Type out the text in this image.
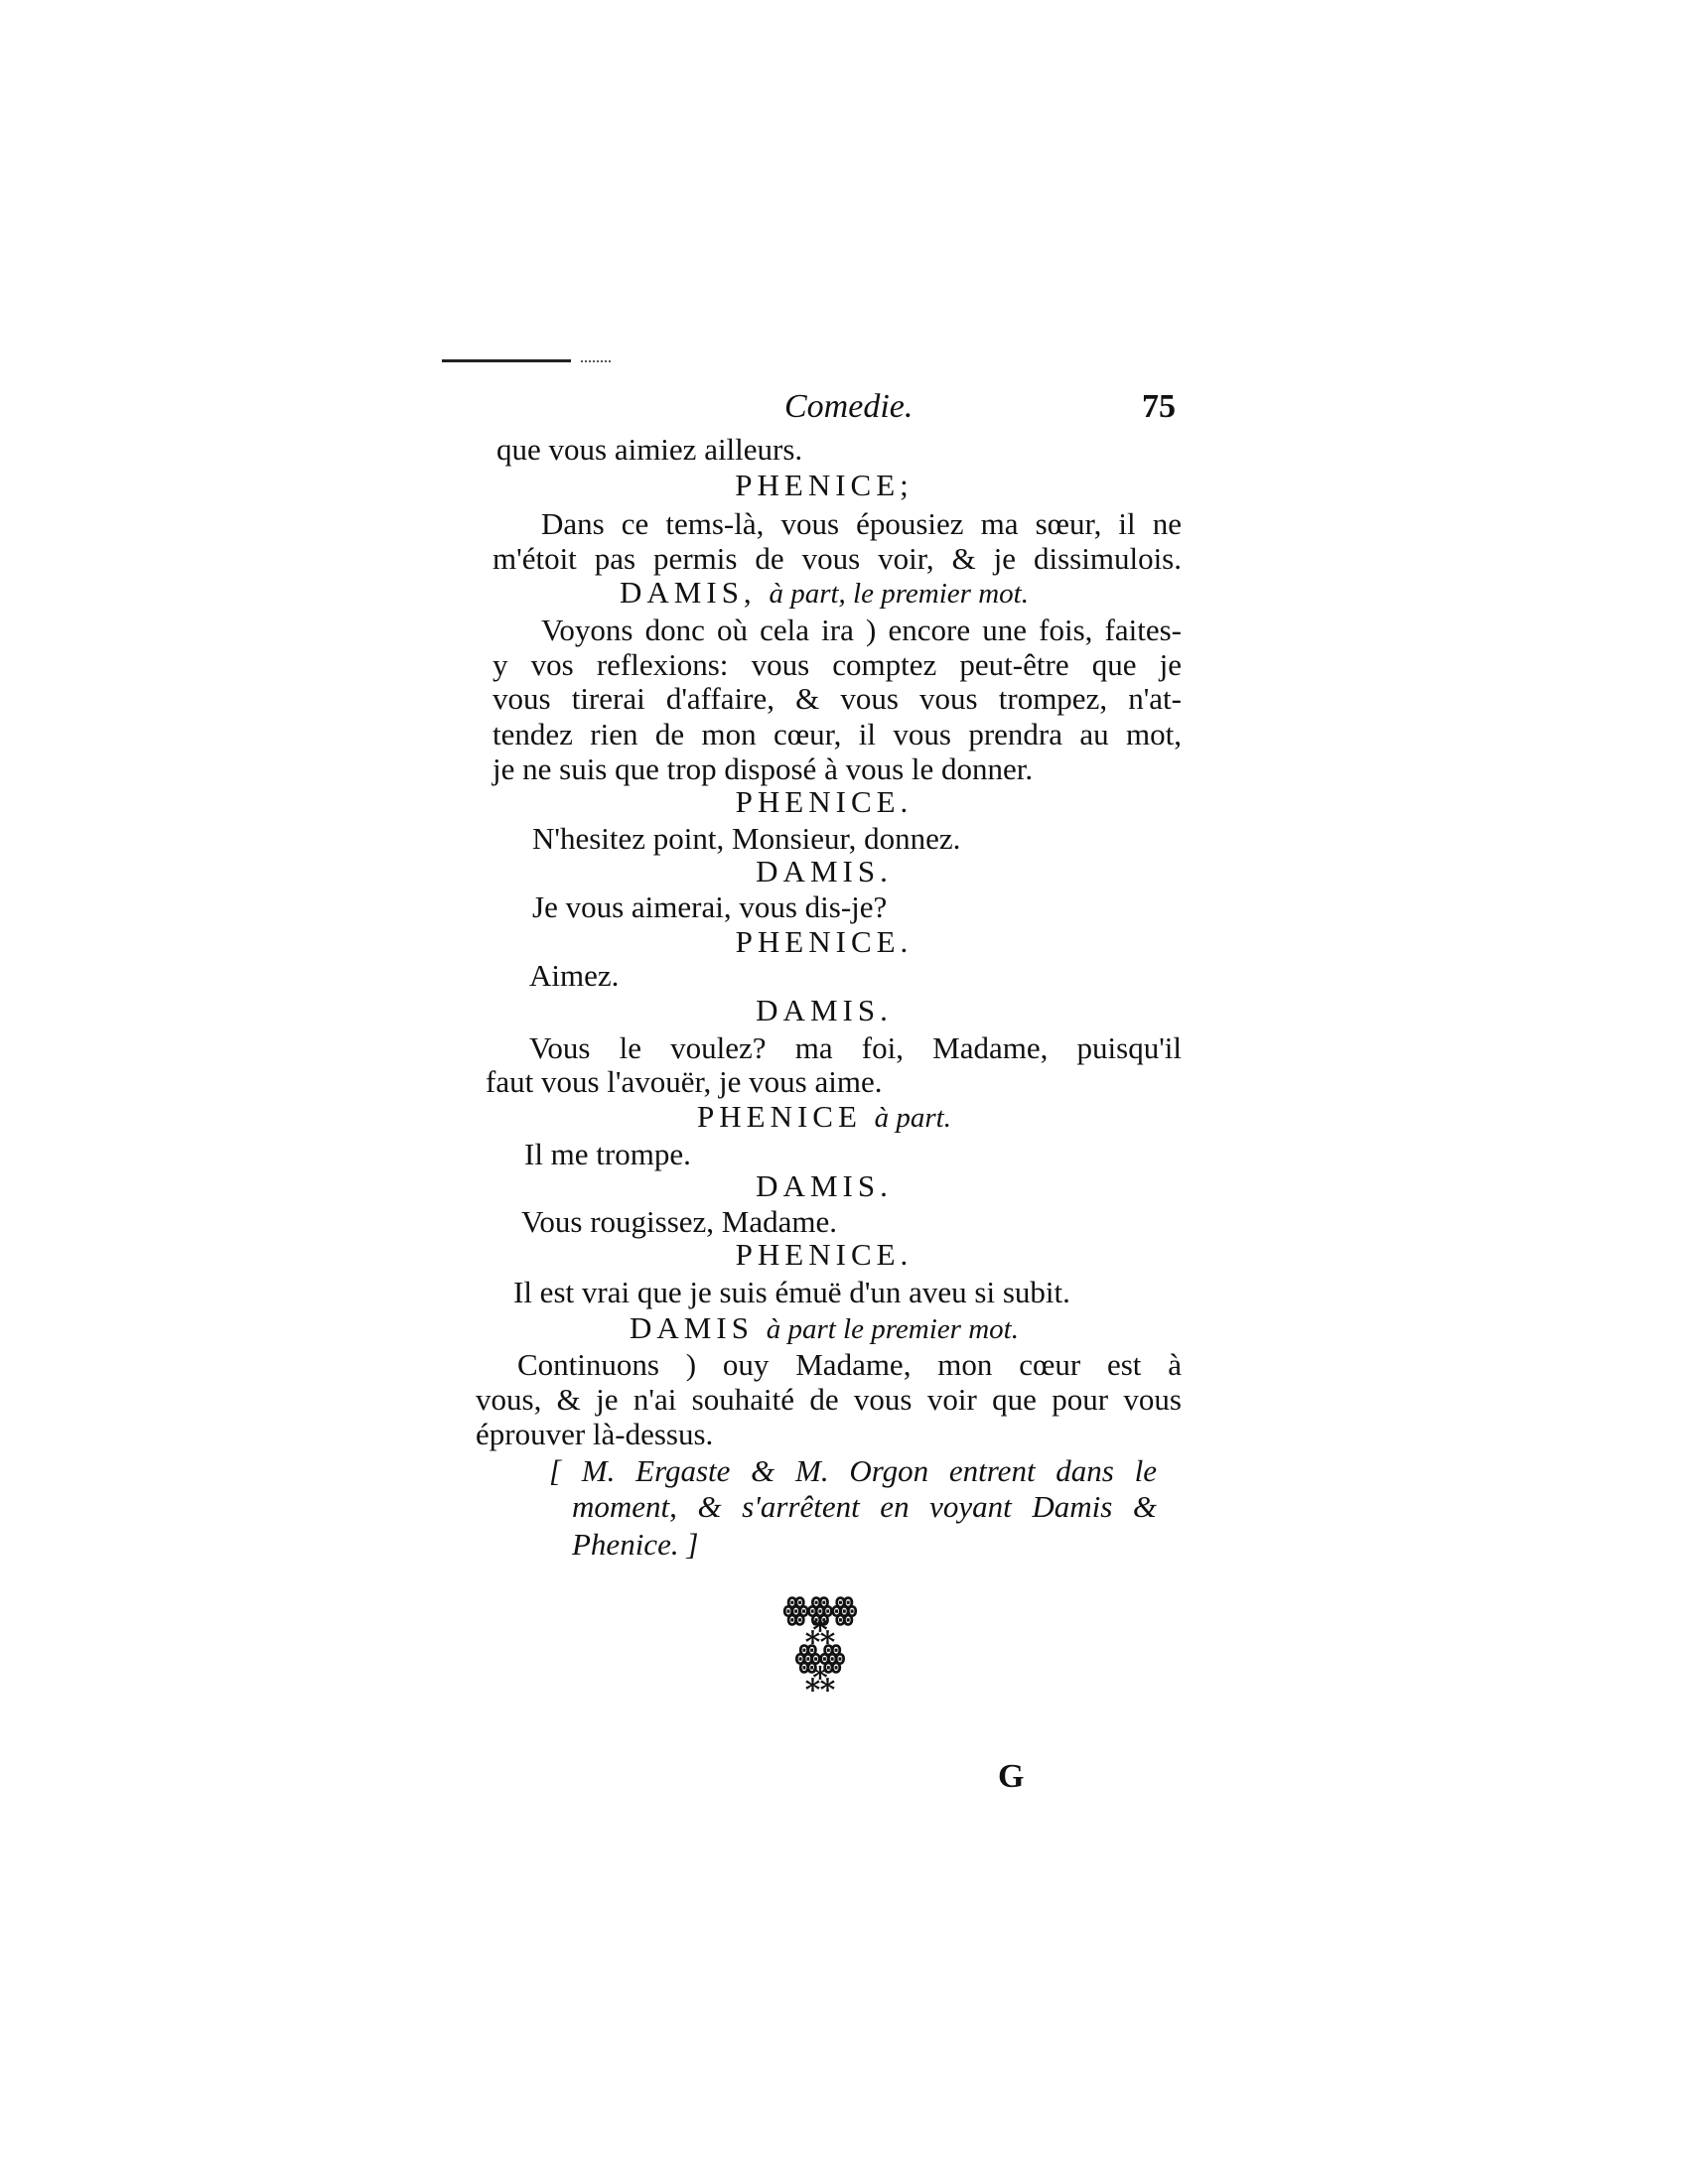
Comedie.	75
que vous aimiez ailleurs.
PHENICE;
Dans ce tems-là, vous épousiez ma sœur, il ne
m'étoit pas permis de vous voir, & je dissimulois.
DAMIS, à part, le premier mot.
Voyons donc où cela ira ) encore une fois, faites-
y vos reflexions: vous comptez peut-être que je
vous tirerai d'affaire, & vous vous trompez, n'at-
tendez rien de mon cœur, il vous prendra au mot,
je ne suis que trop disposé à vous le donner.
PHENICE.
N'hesitez point, Monsieur, donnez.
DAMIS.
Je vous aimerai, vous dis-je?
PHENICE.
Aimez.
DAMIS.
Vous le voulez? ma foi, Madame, puisqu'il
faut vous l'avouër, je vous aime.
PHENICE à part.
Il me trompe.
DAMIS.
Vous rougissez, Madame.
PHENICE.
Il est vrai que je suis émuë d'un aveu si subit.
DAMIS à part le premier mot.
Continuons ) ouy Madame, mon cœur est à
vous, & je n'ai souhaité de vous voir que pour vous
éprouver là-dessus.
[ M. Ergaste & M. Orgon entrent dans le
moment, & s'arrêtent en voyant Damis &
Phenice. ]
ꙮꙮꙮ
⁂
ꙮꙮ
⁂
G
